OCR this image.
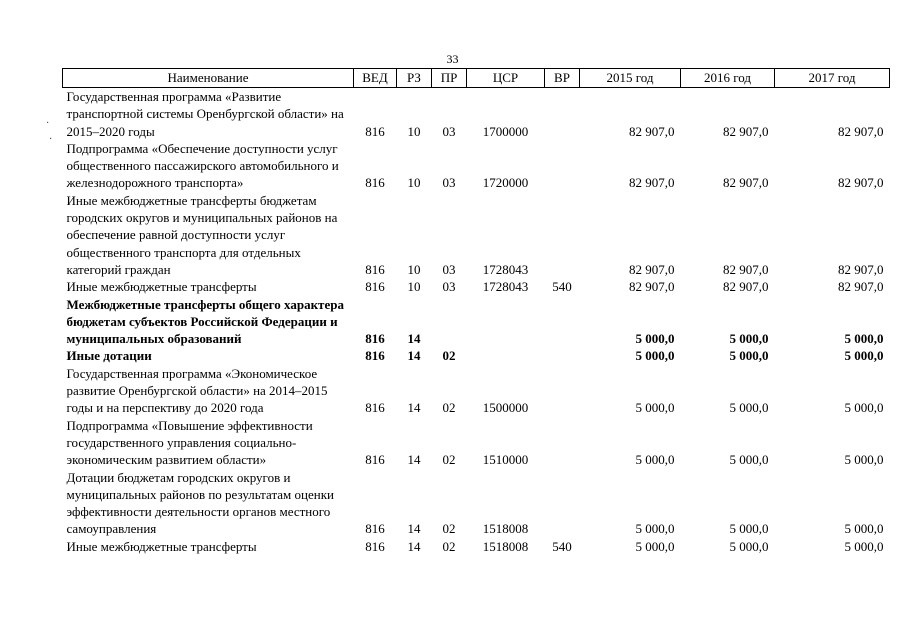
33
·
·
Наименование	ВЕД	РЗ	ПР	ЦСР	ВР	2015 год	2016 год	2017 год
Государственная программа «Развитие транспортной системы Оренбургской области» на 2015–2020 годы	816	10	03	1700000		82 907,0	82 907,0	82 907,0
Подпрограмма «Обеспечение доступности услуг общественного пассажирского автомобильного и железнодорожного транспорта»	816	10	03	1720000		82 907,0	82 907,0	82 907,0
Иные межбюджетные трансферты бюджетам городских округов и муниципальных районов на обеспечение равной доступности услуг общественного транспорта для отдельных категорий граждан	816	10	03	1728043		82 907,0	82 907,0	82 907,0
Иные межбюджетные трансферты	816	10	03	1728043	540	82 907,0	82 907,0	82 907,0
Межбюджетные трансферты общего характера бюджетам субъектов Российской Федерации и муниципальных образований	816	14				5 000,0	5 000,0	5 000,0
Иные дотации	816	14	02			5 000,0	5 000,0	5 000,0
Государственная программа «Экономическое развитие Оренбургской области» на 2014–2015 годы и на перспективу до 2020 года	816	14	02	1500000		5 000,0	5 000,0	5 000,0
Подпрограмма «Повышение эффективности государственного управления социально-экономическим развитием области»	816	14	02	1510000		5 000,0	5 000,0	5 000,0
Дотации бюджетам городских округов и муниципальных районов по результатам оценки эффективности деятельности органов местного самоуправления	816	14	02	1518008		5 000,0	5 000,0	5 000,0
Иные межбюджетные трансферты	816	14	02	1518008	540	5 000,0	5 000,0	5 000,0
